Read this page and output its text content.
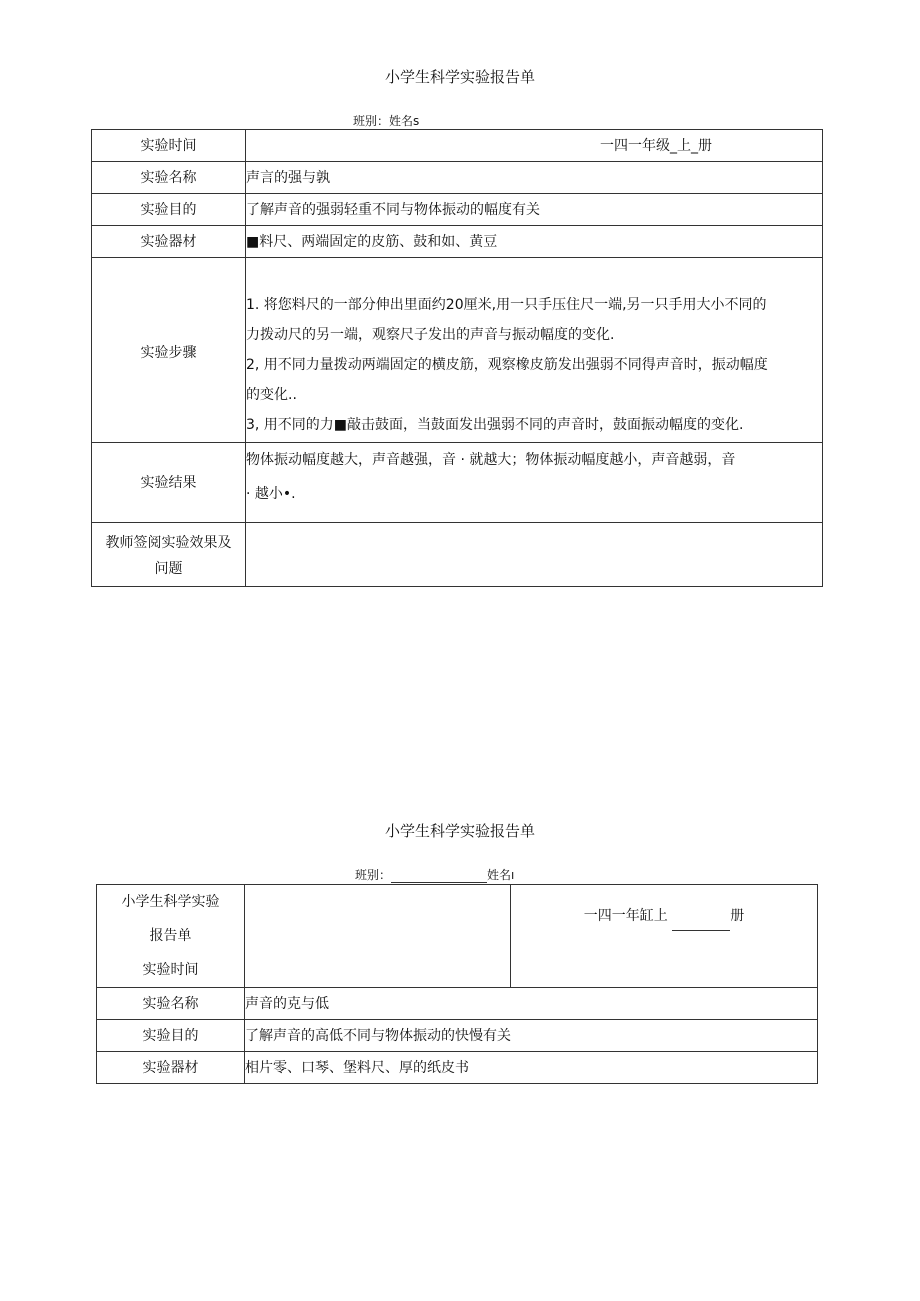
小学生科学实验报告单
班别：姓名s
实验时间	一四一年级_上_册
实验名称	声言的强与孰
实验目的	了解声音的强弱轻重不同与物体振动的幅度有关
实验器材	■料尺、两端固定的皮筋、鼓和如、黄豆
实验步骤	1. 将您料尺的一部分伸出里面约20厘米,用一只手压住尺一端,另一只手用大小不同的
力拨动尺的另一端，观察尺子发出的声音与振动幅度的变化.
2, 用不同力量拨动两端固定的横皮筋，观察橡皮筋发出强弱不同得声音时，振动幅度
的变化..
3, 用不同的力■敲击鼓面，当鼓面发出强弱不同的声音时，鼓面振动幅度的变化.

实验结果	物体振动幅度越大，声音越强，音 · 就越大；物体振动幅度越小，声音越弱，音
· 越小•.

教师签阅实验效果及
问题	

小学生科学实验报告单
班别：	姓名ı
小学生科学实验
报告单
实验时间		一四一年缸上 册
实验名称	声音的克与低	
实验目的	了解声音的高低不同与物体振动的快慢有关	
实验器材	相片零、口琴、堡料尺、厚的纸皮书	
